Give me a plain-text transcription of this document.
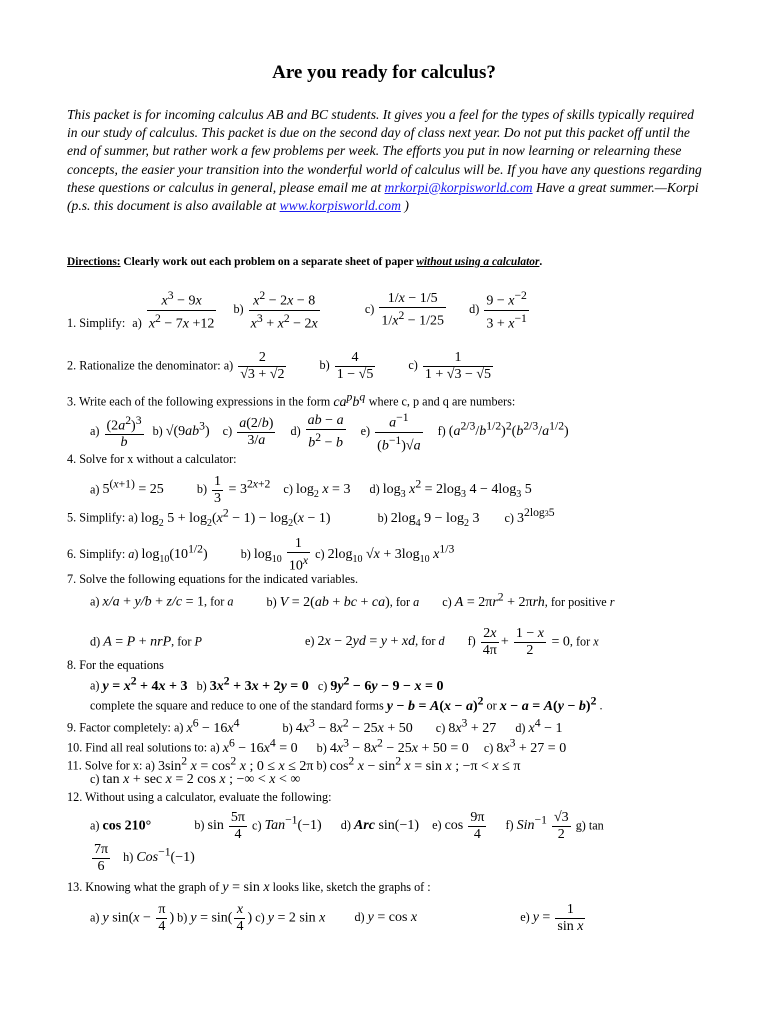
Are you ready for calculus?
This packet is for incoming calculus AB and BC students. It gives you a feel for the types of skills typically required in our study of calculus. This packet is due on the second day of class next year. Do not put this packet off until the end of summer, but rather work a few problems per week. The efforts you put in now learning or relearning these concepts, the easier your transition into the wonderful world of calculus will be. If you have any questions regarding these questions or calculus in general, please email me at mrkorpi@korpisworld.com Have a great summer.—Korpi (p.s. this document is also available at www.korpisworld.com )
Directions: Clearly work out each problem on a separate sheet of paper without using a calculator.
1. Simplify: $a) \frac{x^3 - 9x}{x^2 - 7x +12} b) \frac{x^2 - 2x - 8}{x^3 + x^2 - 2x}$	$c) \frac{1/x - 1/5}{1/x^2 - 1/25} d) \frac{9 - x^{-2}}{3 + x^{-1}}$
2. Rationalize the denominator: $a) \frac{2}{√3 + √2}$	$b) \frac{4}{1 - √5}$	$c) \frac{1}{1 + √3 - √5}$
3. Write each of the following expressions in the form $ca^pb^q$ where c, p and q are numbers:
$a) \frac{(2a^2)^3}{b} b$) $√(9ab^3)$ $c) \frac{a(2/b)}{3/a} d) \frac{ab - a}{b^2 - b} e) \frac{a^{-1}}{(b^{-1})√a} f$) $(a^{2/3}/b^{1/2})^2(b^{2/3}/a^{1/2})$
4. Solve for x without a calculator:
a) $5^{(x+1)} = 25$	$b) \frac{1}{3} = 3^{2x+2}$ c) $\log_2 x = 3$ d) $\log_3 x^2 = 2\log_3$ $4 - 4\log_3$ 5
5. Simplify: a) $\log_2 5 + \log_2(x^2 - 1) - \log_2(x - 1)$	b) $2\log_4$ $9 - \log_2 3$ c) $3^{2log35}$
6. Simplify: a) $\log_{10}(10^{1/2})$	b) $\log_{10} \frac{1}{10^x} c$) $2\log_{10}$ $√x + 3\log_{10}$ $x^{1/3}$
7. Solve the following equations for the indicated variables.
a) x/a + y/b + z/c = 1, for a	b) V = 2(ab + bc + ca), for a c) $A = 2\pi r^2 + 2\pi rh$, for positive r
d) A = P + nrP, for P	e) 2x − 2yd = y + xd, for d $f) \frac{2x}{4\pi} + \frac{1 - x}{2} = 0$, for x
8. For the equations
a) $y = x^2 + 4x + 3$ b) $3x^2 + 3x + 2y = 0$ c) $9y^2 - 6y - 9 - x = 0$
complete the square and reduce to one of the standard forms $y - b = A(x - a)^2$ or $x - a = A(y - b)^2$ .
9. Factor completely: a) $x^6 - 16x^4$	b) $4x^3 - 8x^2 - 25x + 50$ c) $8x^3 + 27$ d) $x^4 - 1$
10. Find all real solutions to: a) $x^6 - 16x^4 = 0$ b) $4x^3 - 8x^2 - 25x + 50 = 0$ c) $8x^3 + 27 = 0$
11. Solve for x: a) $3\sin^2$ $x = \cos^2 x$ ; 0 ≤ x ≤ 2π b) $\cos^2 x - \sin^2 x = \sin x$ ; −π < x ≤ π
c) tan x + sec x = 2 cos x ; −∞ < x < ∞
12. Without using a calculator, evaluate the following:
a) cos 210°	b) $\sin \frac{5\pi}{4} c$) Tan$^{-1}$(−1) d) Arc sin(−1) e) $\cos \frac{9\pi}{4} f$) $Sin^{-1} \frac{√3}{2} g$) tan
$\frac{7\pi}{6} h$) Cos$^{-1}$(−1)
13. Knowing what the graph of y = sin x looks like, sketch the graphs of :
a) y $\sin(x - \frac{\pi}{4}$ ) b) $y = \sin( \frac{x}{4}$ ) c) y = 2 sin x d) y = cos x	e) $y = \frac{1}{\text{sin x}}$
